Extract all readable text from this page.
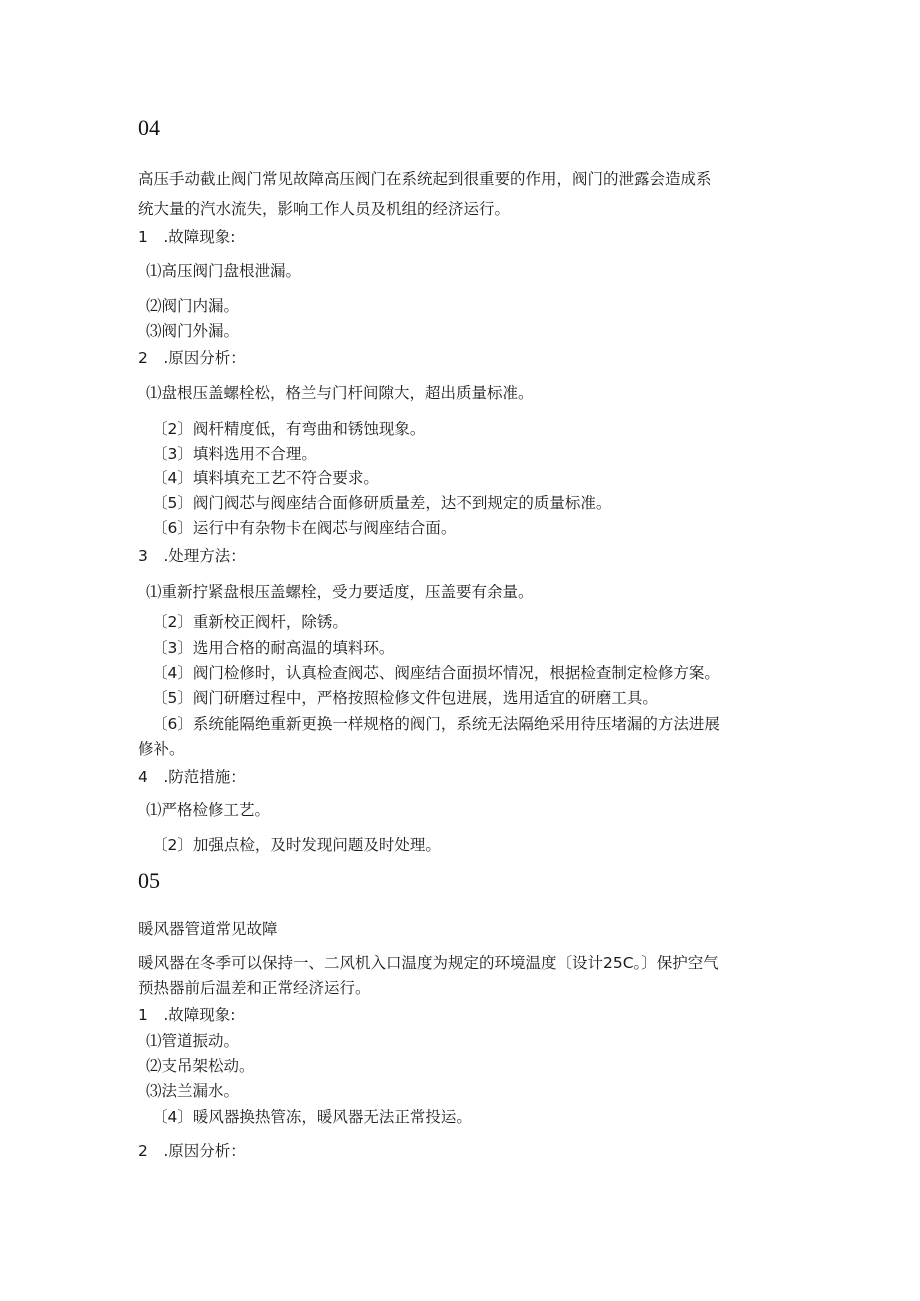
04
高压手动截止阀门常见故障高压阀门在系统起到很重要的作用，阀门的泄露会造成系
统大量的汽水流失，影响工作人员及机组的经济运行。
1　.故障现象:
⑴高压阀门盘根泄漏。
⑵阀门内漏。
⑶阀门外漏。
2　.原因分析：
⑴盘根压盖螺栓松，格兰与门杆间隙大，超出质量标准。
〔2〕阀杆精度低，有弯曲和锈蚀现象。
〔3〕填料选用不合理。
〔4〕填料填充工艺不符合要求。
〔5〕阀门阀芯与阀座结合面修研质量差，达不到规定的质量标准。
〔6〕运行中有杂物卡在阀芯与阀座结合面。
3　.处理方法：
⑴重新拧紧盘根压盖螺栓，受力要适度，压盖要有余量。
〔2〕重新校正阀杆，除锈。
〔3〕选用合格的耐高温的填料环。
〔4〕阀门检修时，认真检查阀芯、阀座结合面损坏情况，根据检查制定检修方案。
〔5〕阀门研磨过程中，严格按照检修文件包进展，选用适宜的研磨工具。
〔6〕系统能隔绝重新更换一样规格的阀门，系统无法隔绝采用待压堵漏的方法进展
修补。
4　.防范措施：
⑴严格检修工艺。
〔2〕加强点检，及时发现问题及时处理。
05
暖风器管道常见故障
暖风器在冬季可以保持一、二风机入口温度为规定的环境温度〔设计25C。〕保护空气
预热器前后温差和正常经济运行。
1　.故障现象:
⑴管道振动。
⑵支吊架松动。
⑶法兰漏水。
〔4〕暖风器换热管冻，暖风器无法正常投运。
2　.原因分析：
